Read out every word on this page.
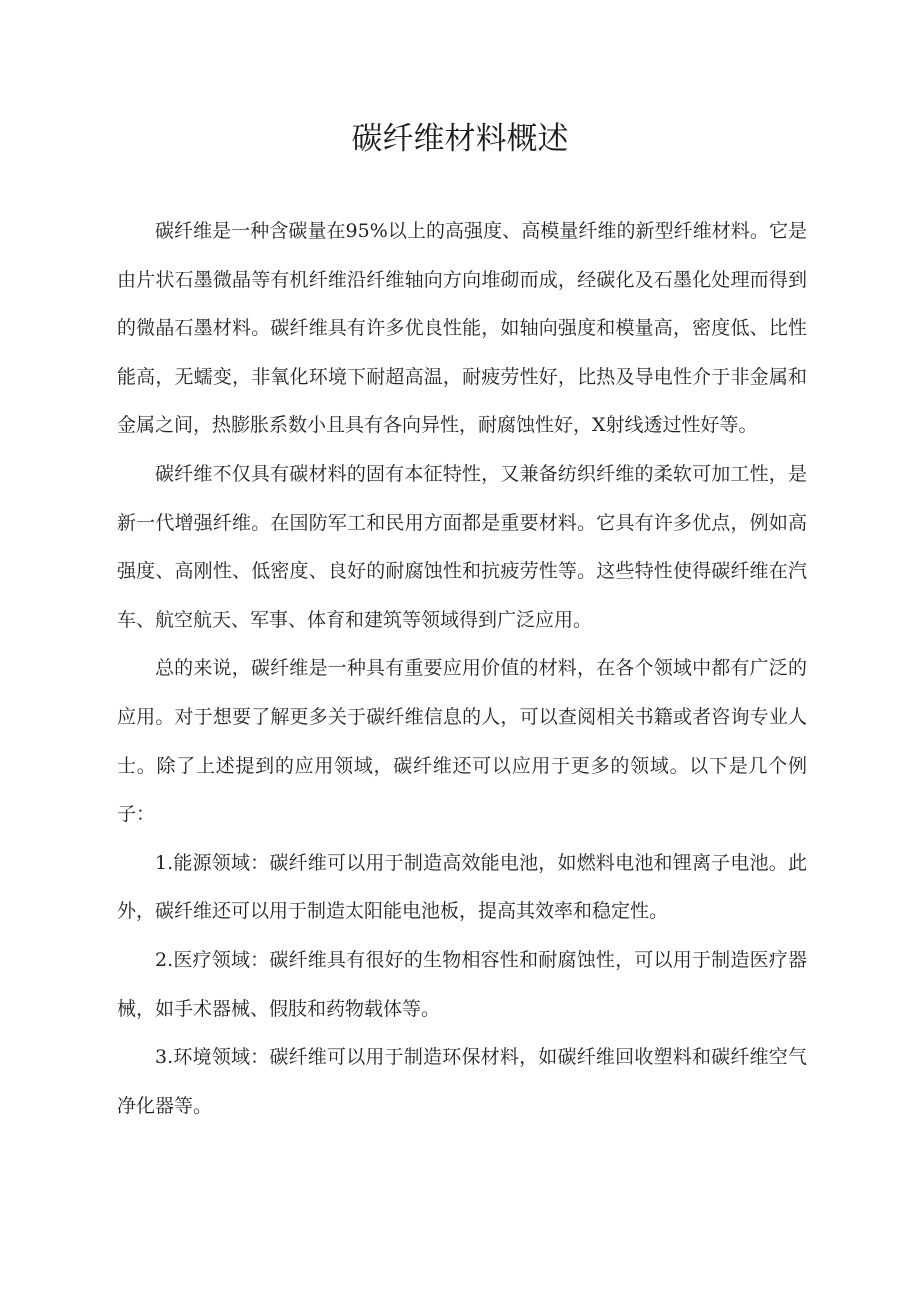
碳纤维材料概述

碳纤维是一种含碳量在95%以上的高强度、高模量纤维的新型纤维材料。它是由片状石墨微晶等有机纤维沿纤维轴向方向堆砌而成，经碳化及石墨化处理而得到的微晶石墨材料。碳纤维具有许多优良性能，如轴向强度和模量高，密度低、比性能高，无蠕变，非氧化环境下耐超高温，耐疲劳性好，比热及导电性介于非金属和金属之间，热膨胀系数小且具有各向异性，耐腐蚀性好，X射线透过性好等。

碳纤维不仅具有碳材料的固有本征特性，又兼备纺织纤维的柔软可加工性，是新一代增强纤维。在国防军工和民用方面都是重要材料。它具有许多优点，例如高强度、高刚性、低密度、良好的耐腐蚀性和抗疲劳性等。这些特性使得碳纤维在汽车、航空航天、军事、体育和建筑等领域得到广泛应用。

总的来说，碳纤维是一种具有重要应用价值的材料，在各个领域中都有广泛的应用。对于想要了解更多关于碳纤维信息的人，可以查阅相关书籍或者咨询专业人士。除了上述提到的应用领域，碳纤维还可以应用于更多的领域。以下是几个例子：

1.能源领域：碳纤维可以用于制造高效能电池，如燃料电池和锂离子电池。此外，碳纤维还可以用于制造太阳能电池板，提高其效率和稳定性。

2.医疗领域：碳纤维具有很好的生物相容性和耐腐蚀性，可以用于制造医疗器械，如手术器械、假肢和药物载体等。

3.环境领域：碳纤维可以用于制造环保材料，如碳纤维回收塑料和碳纤维空气净化器等。
